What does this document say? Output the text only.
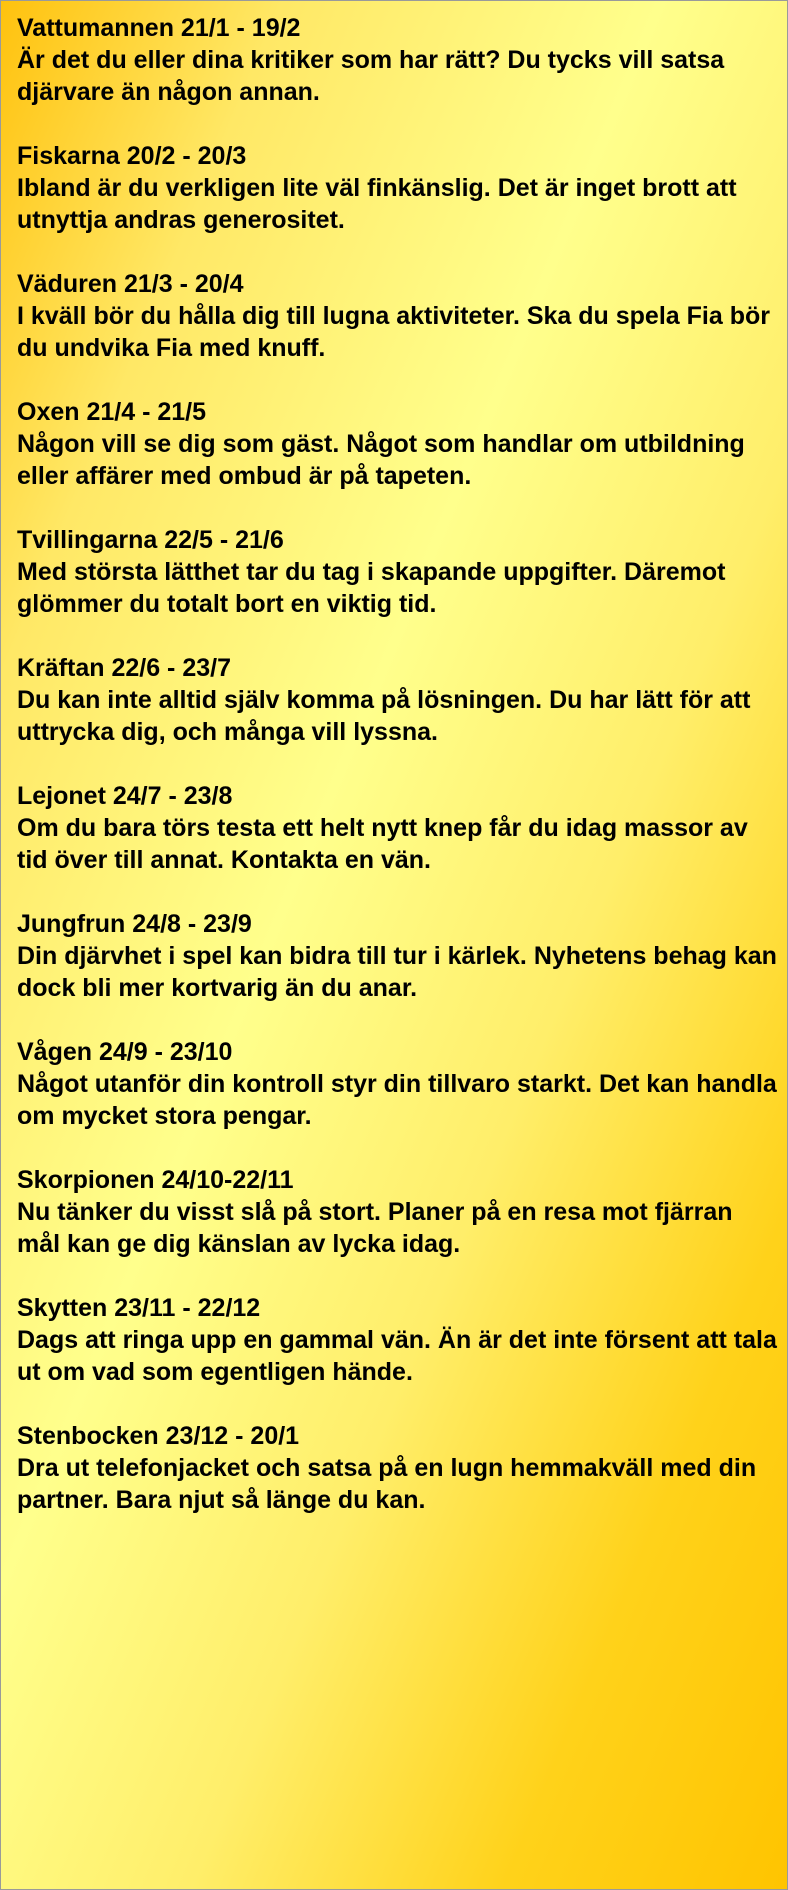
Vattumannen 21/1 - 19/2

Är det du eller dina kritiker som har rätt? Du tycks vill satsa djärvare än någon annan.

Fiskarna 20/2 - 20/3

Ibland är du verkligen lite väl finkänslig. Det är inget brott att utnyttja andras generositet.

Väduren 21/3 - 20/4

I kväll bör du hålla dig till lugna aktiviteter. Ska du spela Fia bör du undvika Fia med knuff.

Oxen 21/4 - 21/5

Någon vill se dig som gäst. Något som handlar om utbildning eller affärer med ombud är på tapeten.

Tvillingarna 22/5 - 21/6

Med största lätthet tar du tag i skapande uppgifter. Däremot glömmer du totalt bort en viktig tid.

Kräftan 22/6 - 23/7

Du kan inte alltid själv komma på lösningen. Du har lätt för att uttrycka dig, och många vill lyssna.

Lejonet 24/7 - 23/8

Om du bara törs testa ett helt nytt knep får du idag massor av tid över till annat. Kontakta en vän.

Jungfrun 24/8 - 23/9

Din djärvhet i spel kan bidra till tur i kärlek. Nyhetens behag kan dock bli mer kortvarig än du anar.

Vågen 24/9 - 23/10

Något utanför din kontroll styr din tillvaro starkt. Det kan handla om mycket stora pengar.

Skorpionen 24/10-22/11

Nu tänker du visst slå på stort. Planer på en resa mot fjärran mål kan ge dig känslan av lycka idag.

Skytten 23/11 - 22/12

Dags att ringa upp en gammal vän. Än är det inte försent att tala ut om vad som egentligen hände.

Stenbocken 23/12 - 20/1

Dra ut telefonjacket och satsa på en lugn hemmakväll med din partner. Bara njut så länge du kan.
